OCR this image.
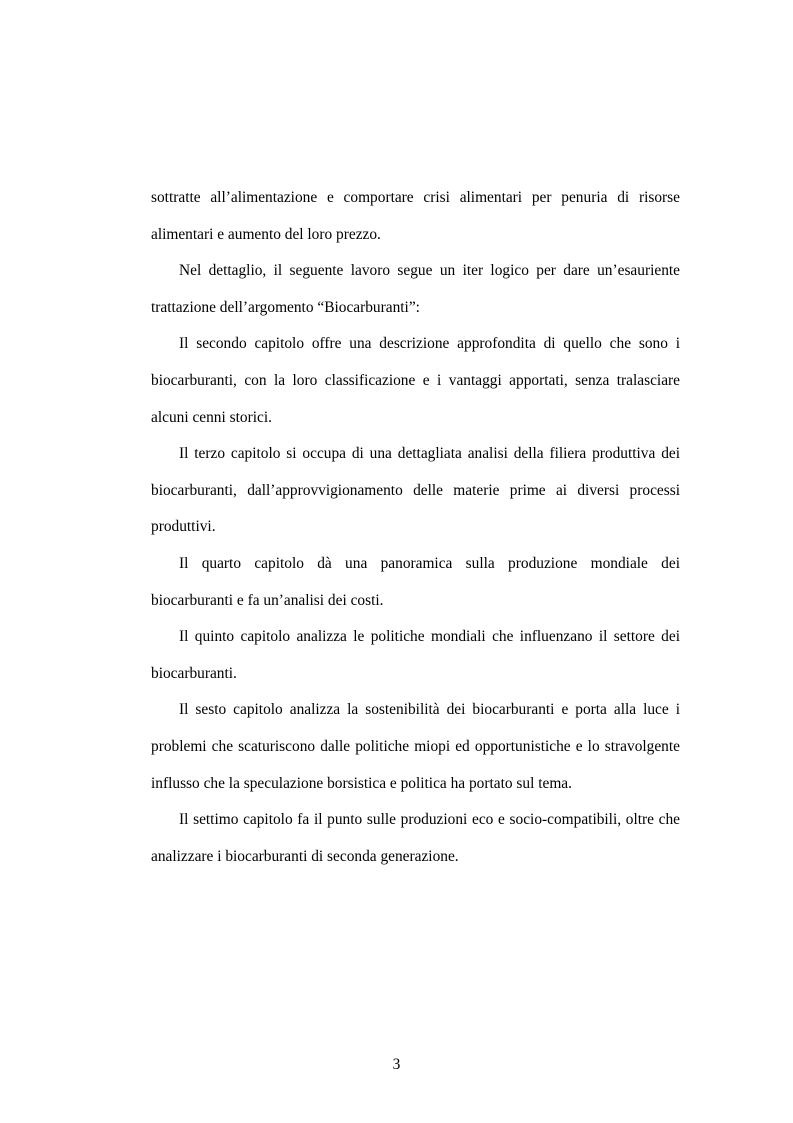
sottratte all’alimentazione e comportare crisi alimentari per penuria di risorse alimentari e aumento del loro prezzo.

Nel dettaglio, il seguente lavoro segue un iter logico per dare un’esauriente trattazione dell’argomento “Biocarburanti”:

Il secondo capitolo offre una descrizione approfondita di quello che sono i biocarburanti, con la loro classificazione e i vantaggi apportati, senza tralasciare alcuni cenni storici.

Il terzo capitolo si occupa di una dettagliata analisi della filiera produttiva dei biocarburanti, dall’approvvigionamento delle materie prime ai diversi processi produttivi.

Il quarto capitolo dà una panoramica sulla produzione mondiale dei biocarburanti e fa un’analisi dei costi.

Il quinto capitolo analizza le politiche mondiali che influenzano il settore dei biocarburanti.

Il sesto capitolo analizza la sostenibilità dei biocarburanti e porta alla luce i problemi che scaturiscono dalle politiche miopi ed opportunistiche e lo stravolgente influsso che la speculazione borsistica e politica ha portato sul tema.

Il settimo capitolo fa il punto sulle produzioni eco e socio-compatibili, oltre che analizzare i biocarburanti di seconda generazione.

3
